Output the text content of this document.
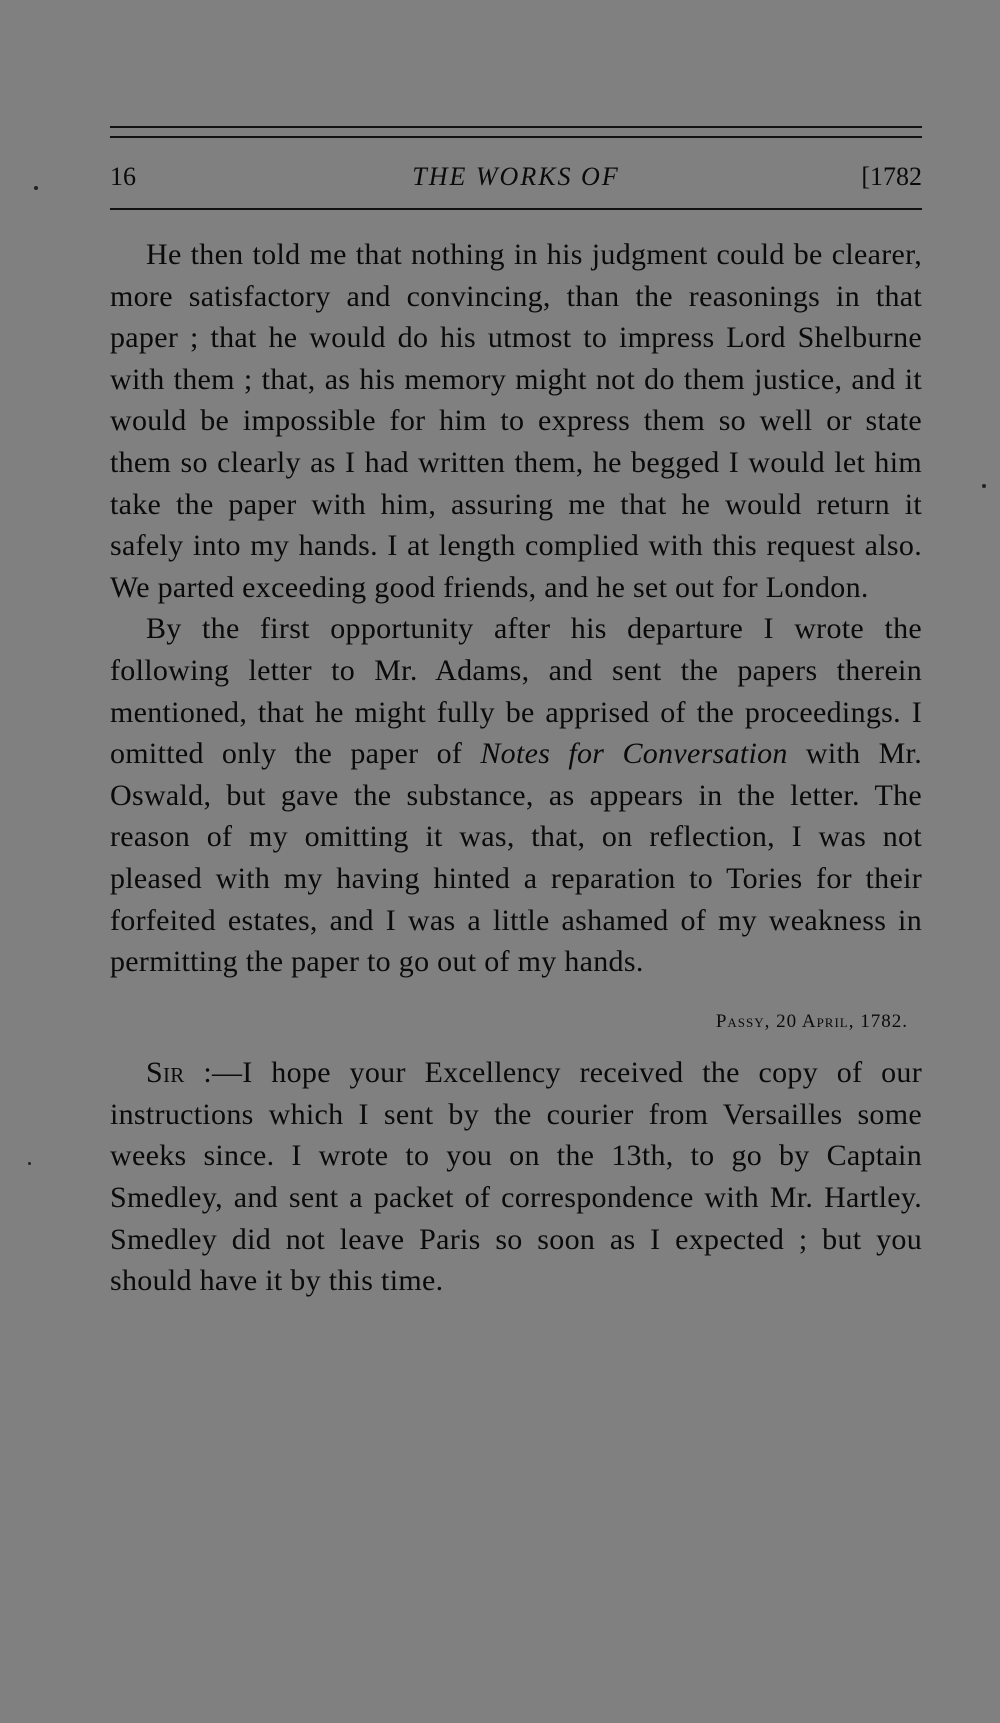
16	THE WORKS OF	[1782

He then told me that nothing in his judgment could be clearer, more satisfactory and convincing, than the reasonings in that paper ; that he would do his utmost to impress Lord Shelburne with them ; that, as his memory might not do them justice, and it would be impossible for him to express them so well or state them so clearly as I had written them, he begged I would let him take the paper with him, assuring me that he would return it safely into my hands. I at length complied with this request also. We parted exceeding good friends, and he set out for London.

By the first opportunity after his departure I wrote the following letter to Mr. Adams, and sent the papers therein mentioned, that he might fully be apprised of the proceedings. I omitted only the paper of Notes for Conversation with Mr. Oswald, but gave the substance, as appears in the letter. The reason of my omitting it was, that, on reflection, I was not pleased with my having hinted a reparation to Tories for their forfeited estates, and I was a little ashamed of my weakness in permitting the paper to go out of my hands.

Passy, 20 April, 1782.

Sir :—I hope your Excellency received the copy of our instructions which I sent by the courier from Versailles some weeks since. I wrote to you on the 13th, to go by Captain Smedley, and sent a packet of correspondence with Mr. Hartley. Smedley did not leave Paris so soon as I expected ; but you should have it by this time.
